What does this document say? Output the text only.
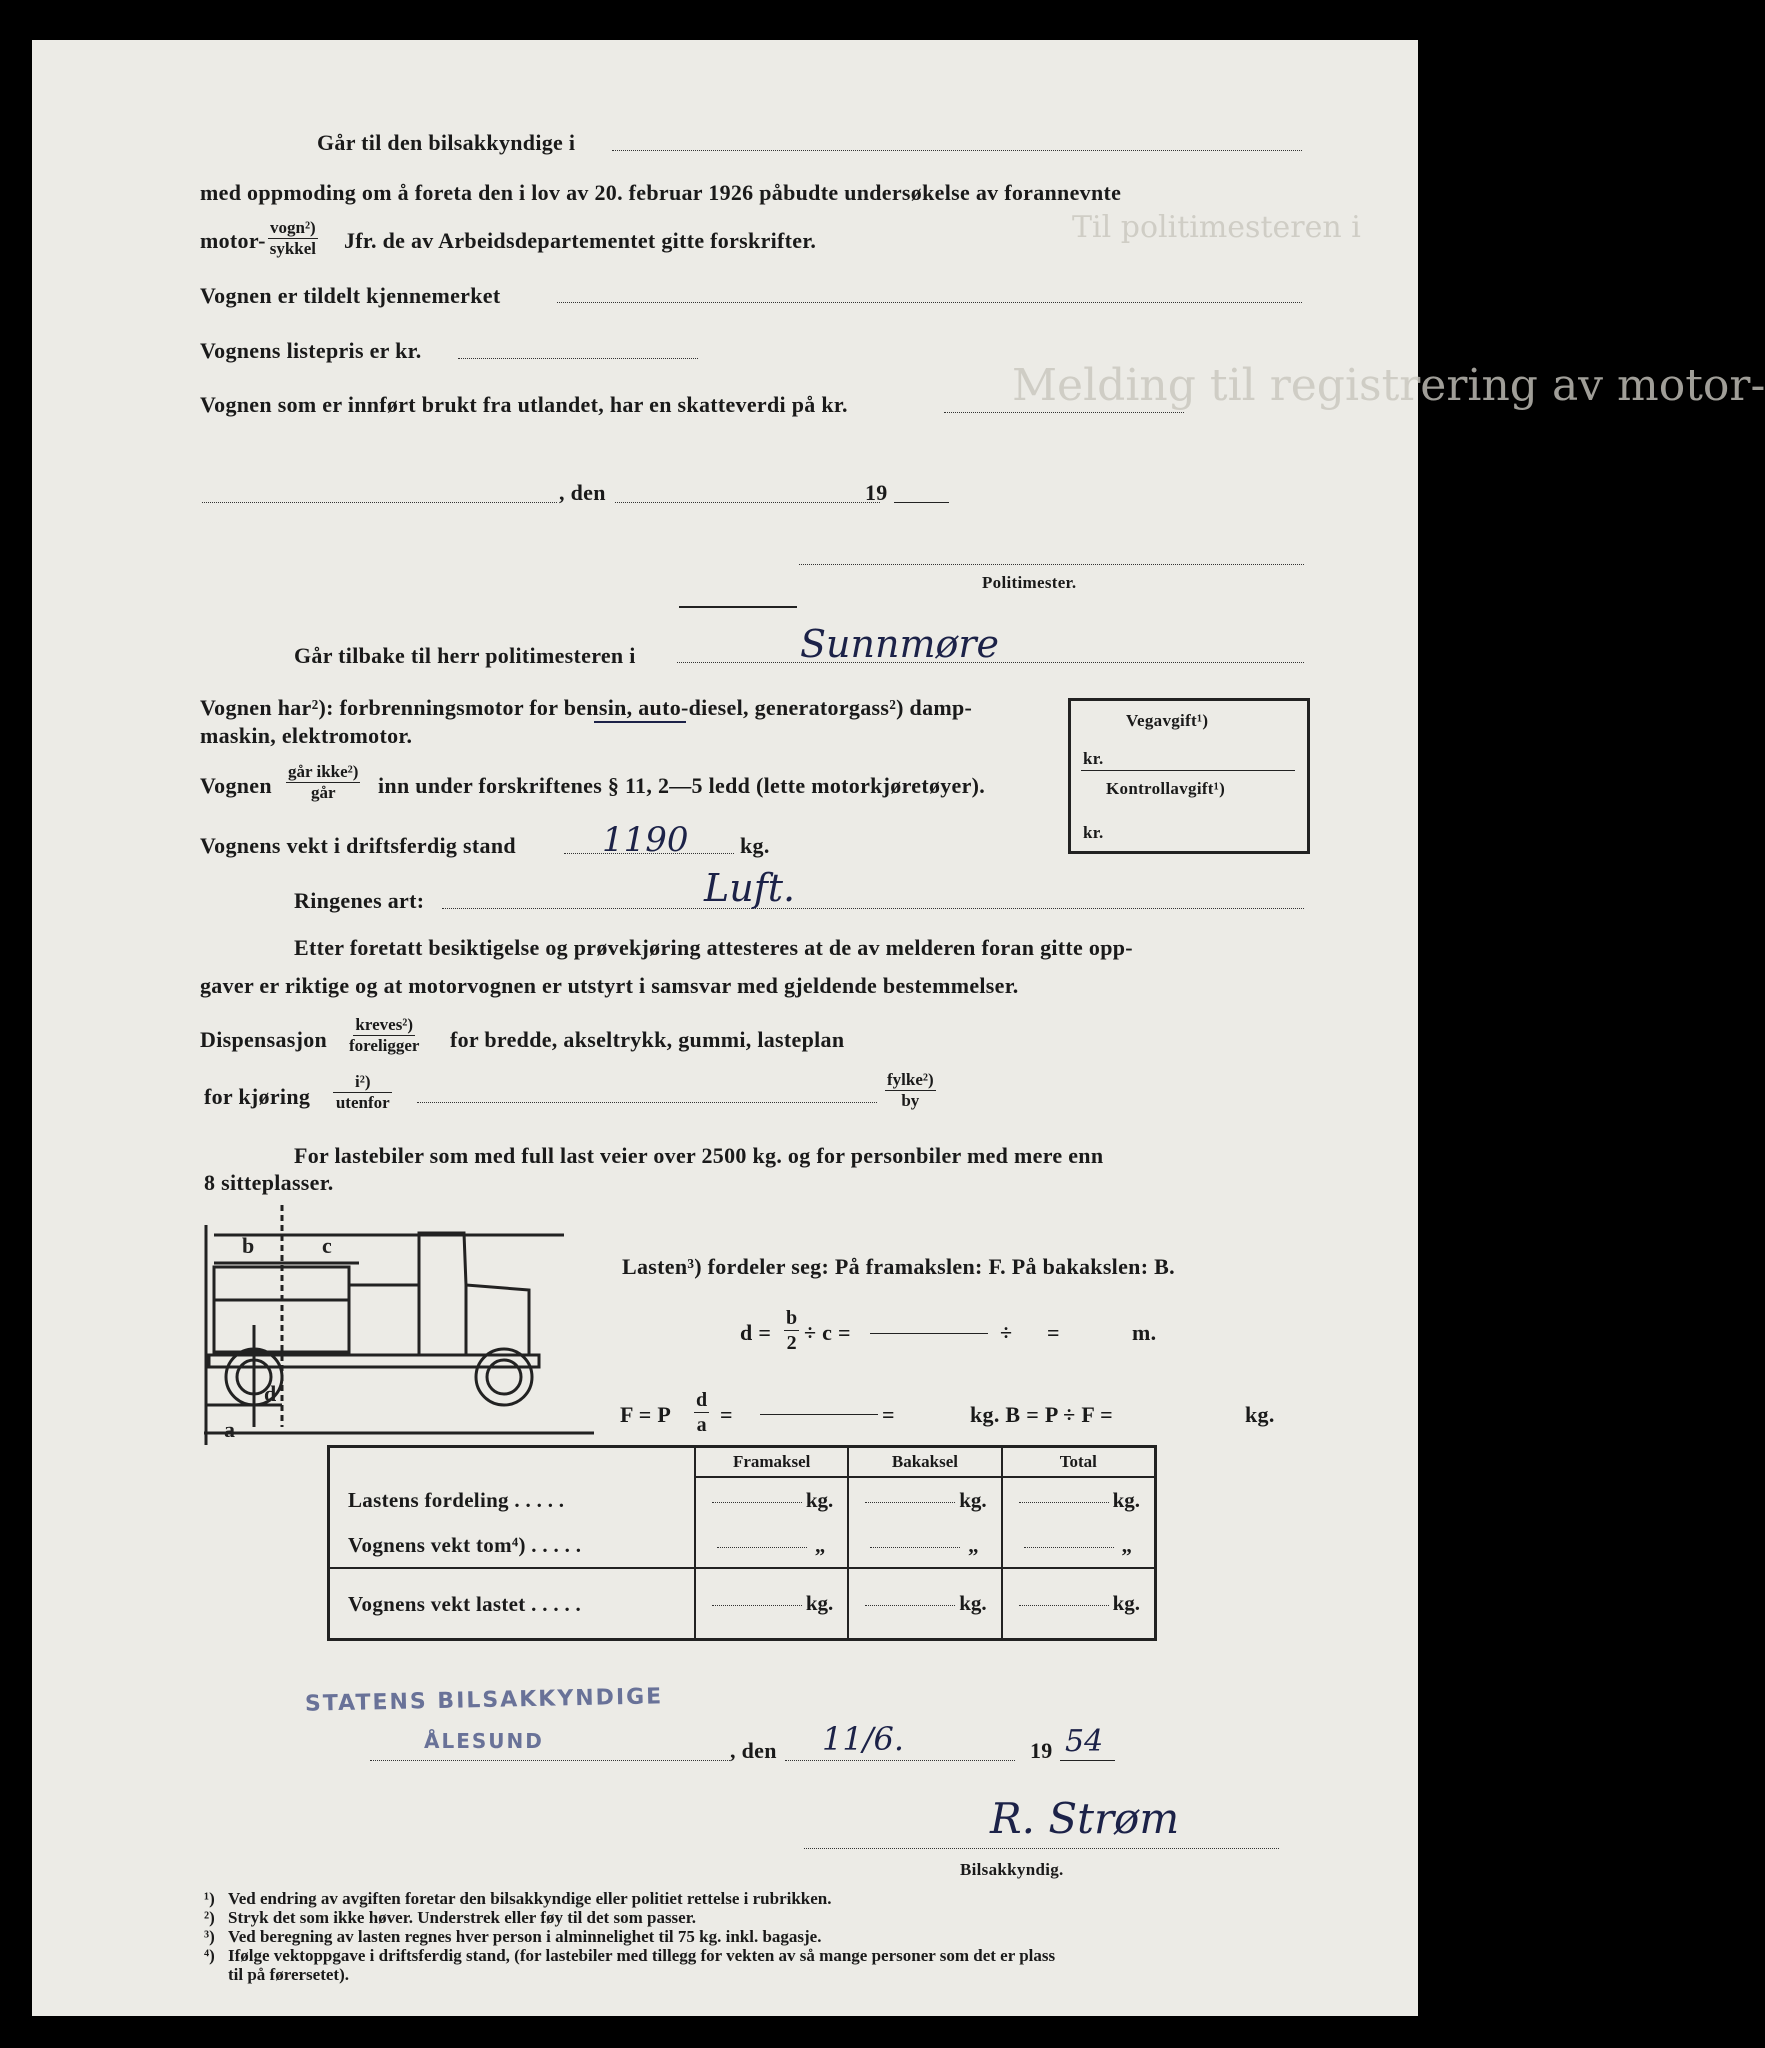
Til politimesteren i
Melding til registrering av motor-
Går til den bilsakkyndige i
med oppmoding om å foreta den i lov av 20. februar 1926 påbudte undersøkelse av forannevnte
motor-
vogn²)
sykkel Jfr. de av Arbeidsdepartementet gitte forskrifter.
Vognen er tildelt kjennemerket
Vognens listepris er kr.
Vognen som er innført brukt fra utlandet, har en skatteverdi på kr.
, den	19
Politimester.
Går tilbake til herr politimesteren i	Sunnmøre
Vognen har²): forbrenningsmotor for bensin, auto-diesel, generatorgass²) damp-
maskin, elektromotor.
Vognen
går ikke²)
går inn under forskriftenes § 11, 2—5 ledd (lette motorkjøretøyer).
Vognens vekt i driftsferdig stand	1190 kg.
Ringenes art:	Luft.
Vegavgift¹)
kr.
Kontrollavgift¹)
kr.
Etter foretatt besiktigelse og prøvekjøring attesteres at de av melderen foran gitte opp-
gaver er riktige og at motorvognen er utstyrt i samsvar med gjeldende bestemmelser.
Dispensasjon
kreves²)
foreligger for bredde, akseltrykk, gummi, lasteplan
for kjøring
i²)
utenfor
fylke²)
by
For lastebiler som med full last veier over 2500 kg. og for personbiler med mere enn
8 sitteplasser.
b	c
d
a
Lasten³) fordeler seg: På framakslen: F. På bakakslen: B.
$d = \frac{b}{2} \div c$ =	÷ =	m.
F = P $\frac{d}{a}$ =	=	kg. B = P ÷ F =	kg.
	Framaksel	Bakaksel	Total
Lastens fordeling . . . . .	kg.	kg.	kg.
Vognens vekt tom⁴) . . . . .	„	„	„
Vognens vekt lastet . . . . .	kg.	kg.	kg.
STATENS BILSAKKYNDIGE
ÅLESUND	, den 11/6.	19 54
R. Strøm
Bilsakkyndig.
¹) Ved endring av avgiften foretar den bilsakkyndige eller politiet rettelse i rubrikken.
²) Stryk det som ikke høver. Understrek eller føy til det som passer.
³) Ved beregning av lasten regnes hver person i alminnelighet til 75 kg. inkl. bagasje.
⁴) Ifølge vektoppgave i driftsferdig stand, (for lastebiler med tillegg for vekten av så mange personer som det er plass
til på førersetet).
